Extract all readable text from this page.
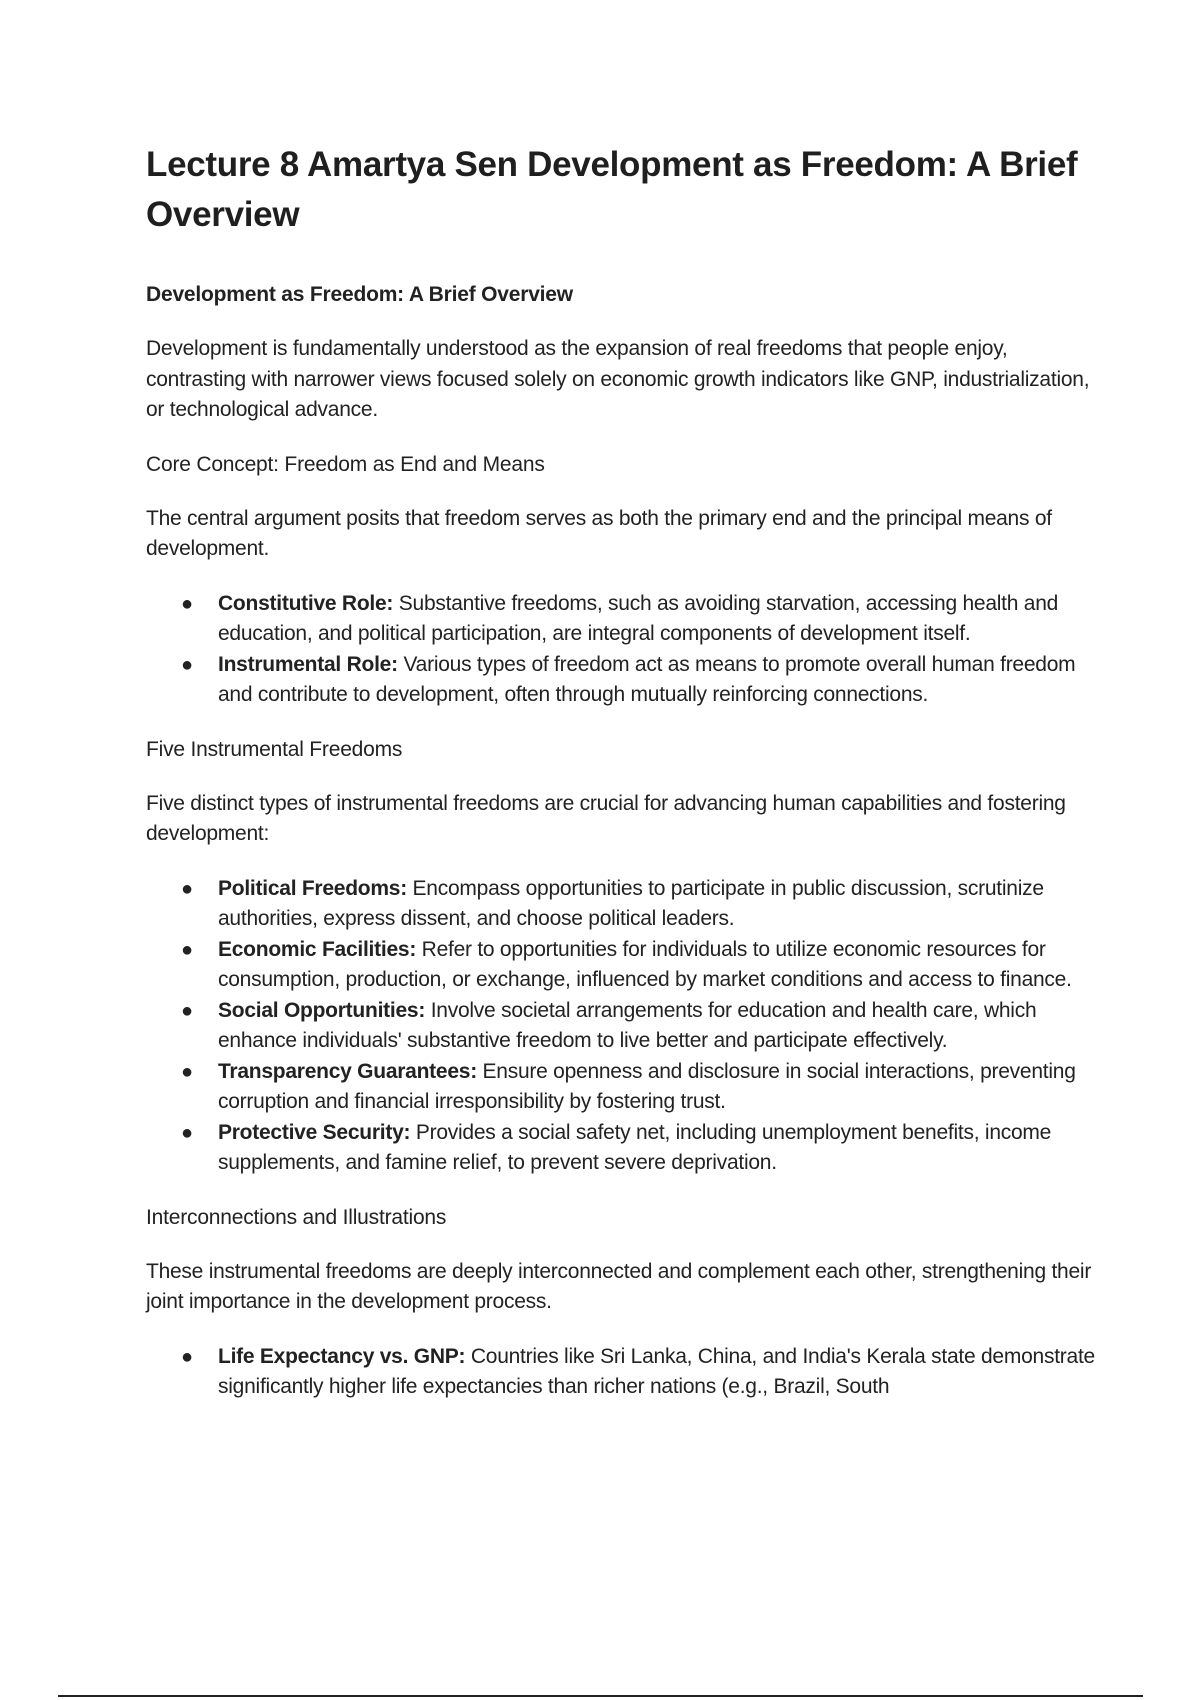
Lecture 8 Amartya Sen Development as Freedom: A Brief Overview
Development as Freedom: A Brief Overview

Development is fundamentally understood as the expansion of real freedoms that people enjoy, contrasting with narrower views focused solely on economic growth indicators like GNP, industrialization, or technological advance.

Core Concept: Freedom as End and Means

The central argument posits that freedom serves as both the primary end and the principal means of development.

● Constitutive Role: Substantive freedoms, such as avoiding starvation, accessing health and education, and political participation, are integral components of development itself.
● Instrumental Role: Various types of freedom act as means to promote overall human freedom and contribute to development, often through mutually reinforcing connections.
Five Instrumental Freedoms

Five distinct types of instrumental freedoms are crucial for advancing human capabilities and fostering development:

● Political Freedoms: Encompass opportunities to participate in public discussion, scrutinize authorities, express dissent, and choose political leaders.
● Economic Facilities: Refer to opportunities for individuals to utilize economic resources for consumption, production, or exchange, influenced by market conditions and access to finance.
● Social Opportunities: Involve societal arrangements for education and health care, which enhance individuals' substantive freedom to live better and participate effectively.
● Transparency Guarantees: Ensure openness and disclosure in social interactions, preventing corruption and financial irresponsibility by fostering trust.
● Protective Security: Provides a social safety net, including unemployment benefits, income supplements, and famine relief, to prevent severe deprivation.
Interconnections and Illustrations

These instrumental freedoms are deeply interconnected and complement each other, strengthening their joint importance in the development process.

● Life Expectancy vs. GNP: Countries like Sri Lanka, China, and India's Kerala state demonstrate significantly higher life expectancies than richer nations (e.g., Brazil, South
